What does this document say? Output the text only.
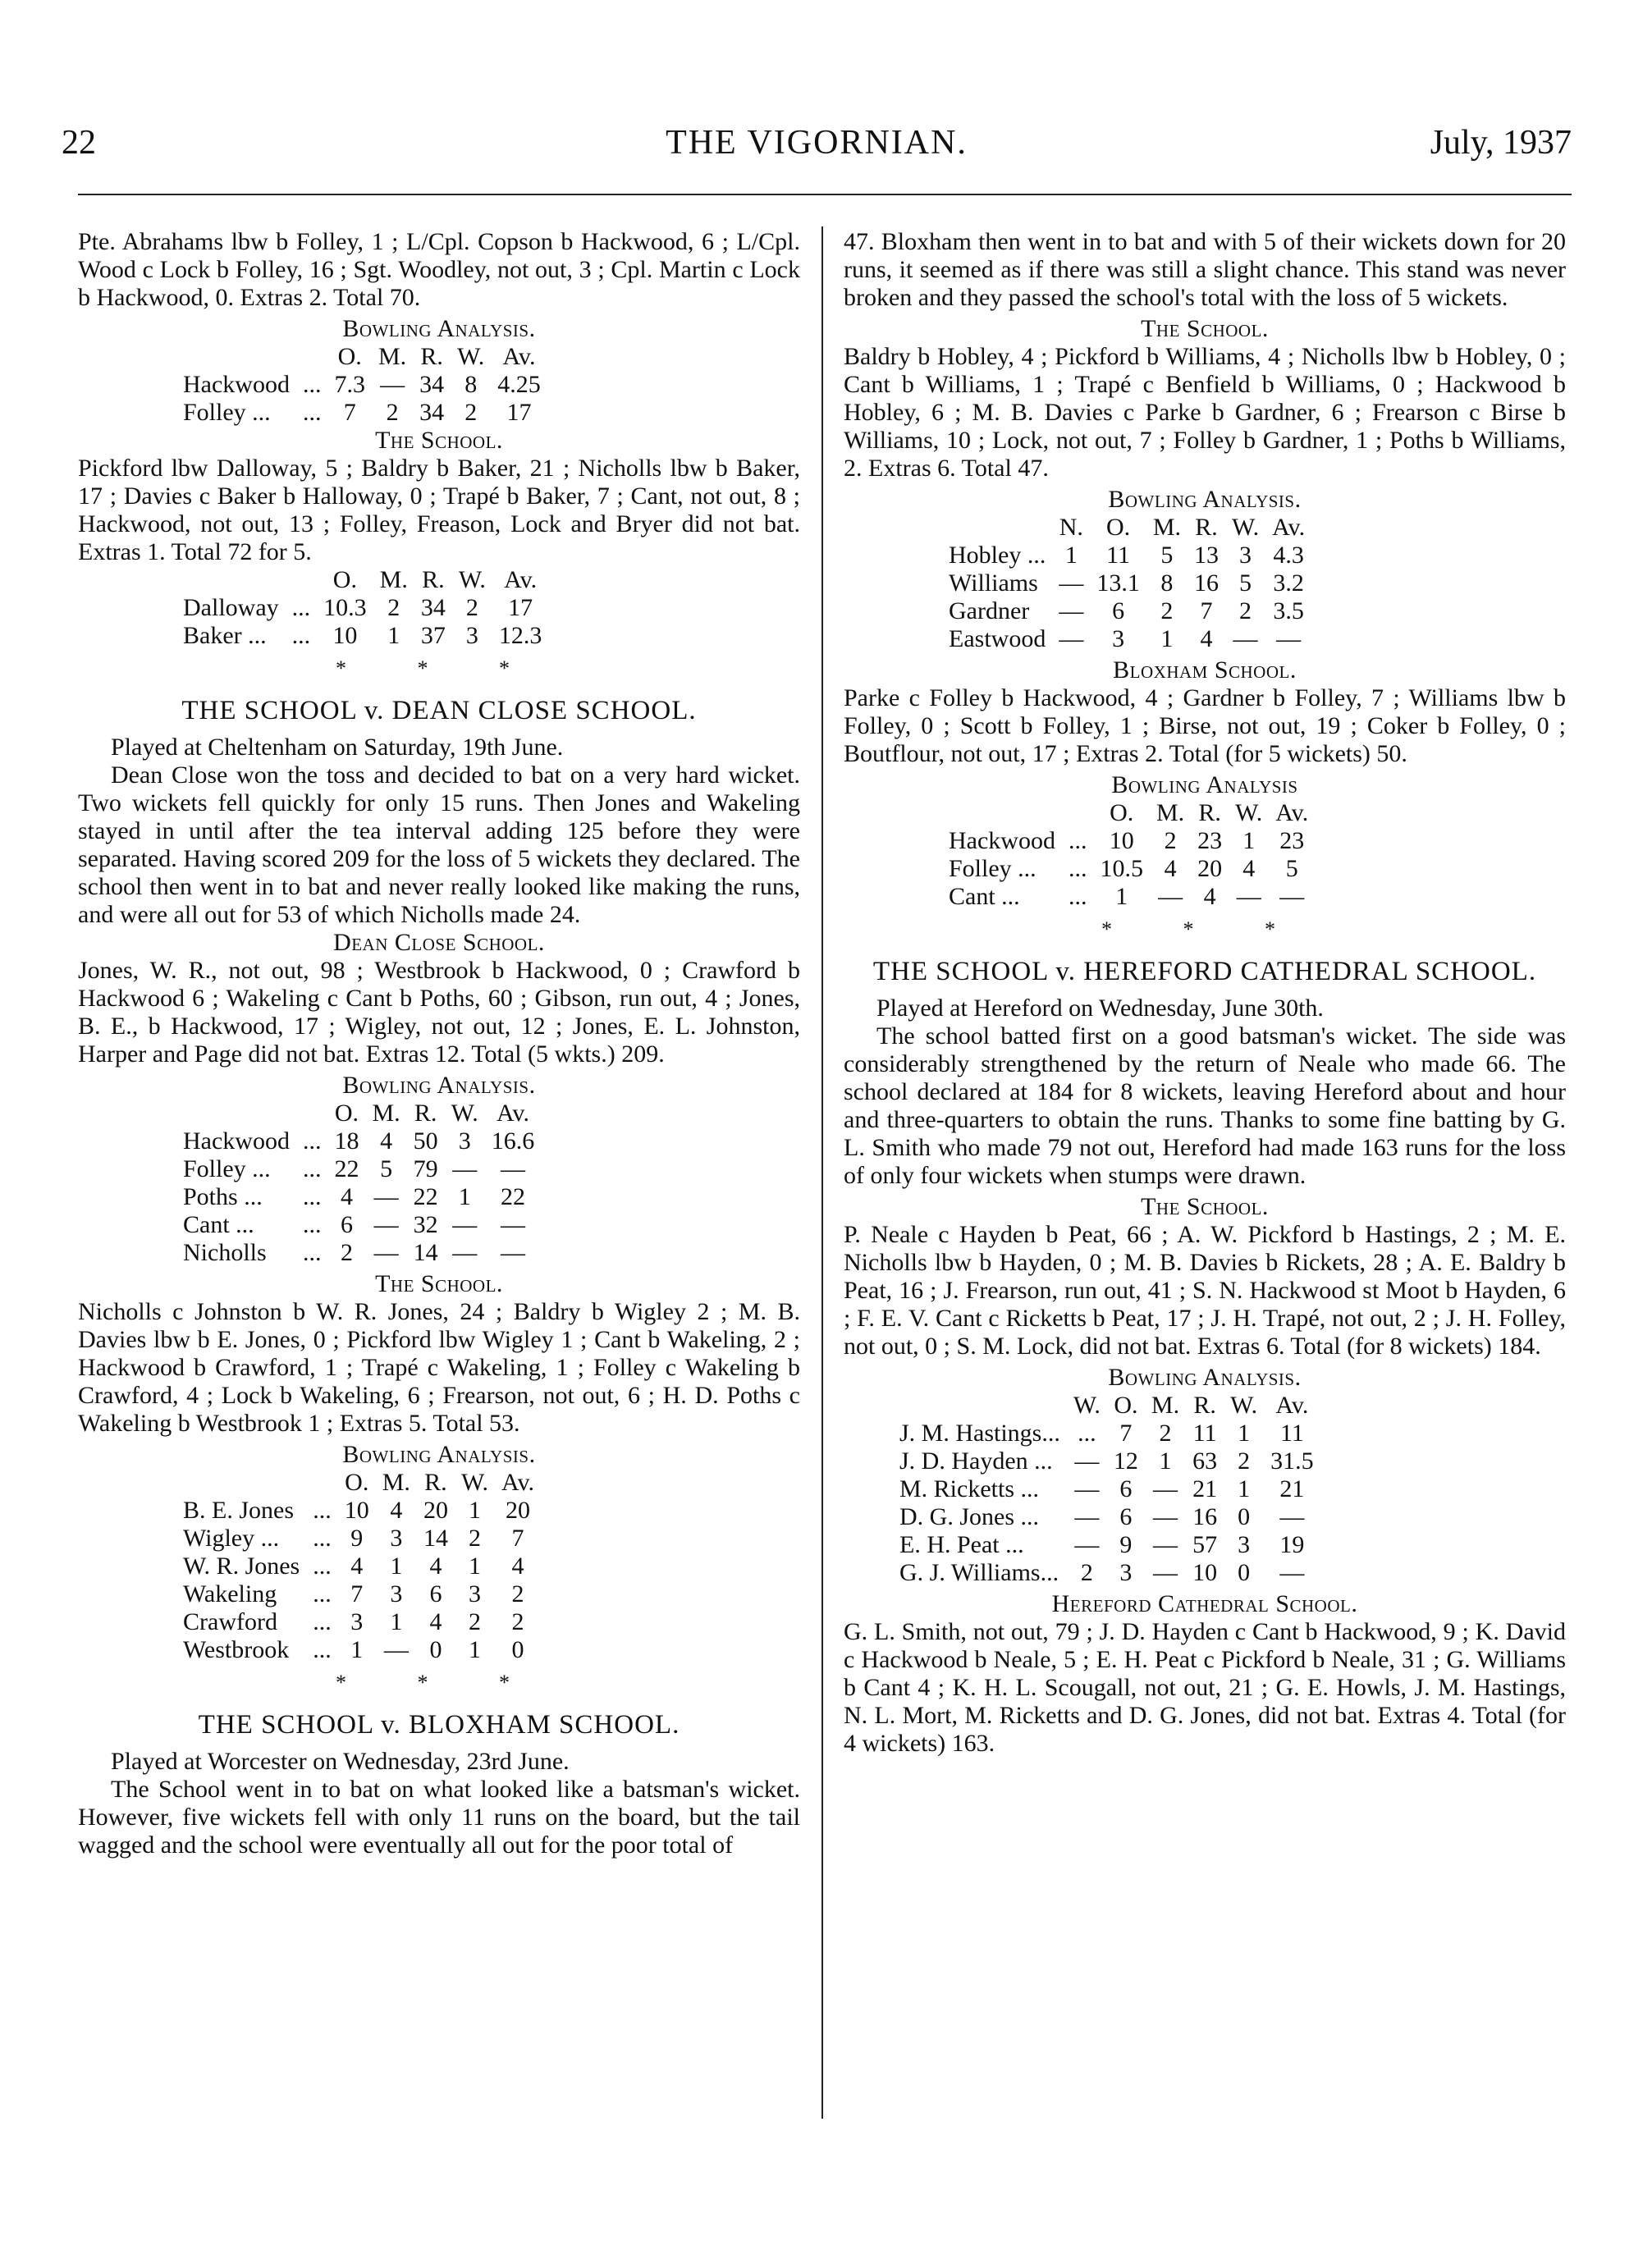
22	THE VIGORNIAN.	July, 1937

Pte. Abrahams lbw b Folley, 1 ; L/Cpl. Copson b Hackwood, 6 ; L/Cpl. Wood c Lock b Folley, 16 ; Sgt. Woodley, not out, 3 ; Cpl. Martin c Lock b Hackwood, 0. Extras 2. Total 70.

Bowling Analysis.
		O.	M.	R.	W.	Av.
Hackwood	...	7.3	—	34	8	4.25
Folley ...	...	7	2	34	2	17
The School.

Pickford lbw Dalloway, 5 ; Baldry b Baker, 21 ; Nicholls lbw b Baker, 17 ; Davies c Baker b Halloway, 0 ; Trapé b Baker, 7 ; Cant, not out, 8 ; Hackwood, not out, 13 ; Folley, Freason, Lock and Bryer did not bat. Extras 1. Total 72 for 5.

		O.	M.	R.	W.	Av.
Dalloway	...	10.3	2	34	2	17
Baker ...	...	10	1	37	3	12.3
* * *
THE SCHOOL v. DEAN CLOSE SCHOOL.

Played at Cheltenham on Saturday, 19th June.

Dean Close won the toss and decided to bat on a very hard wicket. Two wickets fell quickly for only 15 runs. Then Jones and Wakeling stayed in until after the tea interval adding 125 before they were separated. Having scored 209 for the loss of 5 wickets they declared. The school then went in to bat and never really looked like making the runs, and were all out for 53 of which Nicholls made 24.

Dean Close School.

Jones, W. R., not out, 98 ; Westbrook b Hackwood, 0 ; Crawford b Hackwood 6 ; Wakeling c Cant b Poths, 60 ; Gibson, run out, 4 ; Jones, B. E., b Hackwood, 17 ; Wigley, not out, 12 ; Jones, E. L. Johnston, Harper and Page did not bat. Extras 12. Total (5 wkts.) 209.

Bowling Analysis.
		O.	M.	R.	W.	Av.
Hackwood	...	18	4	50	3	16.6
Folley ...	...	22	5	79	—	—
Poths ...	...	4	—	22	1	22
Cant ...	...	6	—	32	—	—
Nicholls	...	2	—	14	—	—
The School.

Nicholls c Johnston b W. R. Jones, 24 ; Baldry b Wigley 2 ; M. B. Davies lbw b E. Jones, 0 ; Pickford lbw Wigley 1 ; Cant b Wakeling, 2 ; Hackwood b Crawford, 1 ; Trapé c Wakeling, 1 ; Folley c Wakeling b Crawford, 4 ; Lock b Wakeling, 6 ; Frearson, not out, 6 ; H. D. Poths c Wakeling b Westbrook 1 ; Extras 5. Total 53.

Bowling Analysis.
		O.	M.	R.	W.	Av.
B. E. Jones	...	10	4	20	1	20
Wigley ...	...	9	3	14	2	7
W. R. Jones	...	4	1	4	1	4
Wakeling	...	7	3	6	3	2
Crawford	...	3	1	4	2	2
Westbrook	...	1	—	0	1	0
* * *
THE SCHOOL v. BLOXHAM SCHOOL.

Played at Worcester on Wednesday, 23rd June.

The School went in to bat on what looked like a batsman's wicket. However, five wickets fell with only 11 runs on the board, but the tail wagged and the school were eventually all out for the poor total of

47. Bloxham then went in to bat and with 5 of their wickets down for 20 runs, it seemed as if there was still a slight chance. This stand was never broken and they passed the school's total with the loss of 5 wickets.

The School.

Baldry b Hobley, 4 ; Pickford b Williams, 4 ; Nicholls lbw b Hobley, 0 ; Cant b Williams, 1 ; Trapé c Benfield b Williams, 0 ; Hackwood b Hobley, 6 ; M. B. Davies c Parke b Gardner, 6 ; Frearson c Birse b Williams, 10 ; Lock, not out, 7 ; Folley b Gardner, 1 ; Poths b Williams, 2. Extras 6. Total 47.

Bowling Analysis.
	N.	O.	M.	R.	W.	Av.
Hobley ...	1	11	5	13	3	4.3
Williams	—	13.1	8	16	5	3.2
Gardner	—	6	2	7	2	3.5
Eastwood	—	3	1	4	—	—
Bloxham School.

Parke c Folley b Hackwood, 4 ; Gardner b Folley, 7 ; Williams lbw b Folley, 0 ; Scott b Folley, 1 ; Birse, not out, 19 ; Coker b Folley, 0 ; Boutflour, not out, 17 ; Extras 2. Total (for 5 wickets) 50.

Bowling Analysis
		O.	M.	R.	W.	Av.
Hackwood	...	10	2	23	1	23
Folley ...	...	10.5	4	20	4	5
Cant ...	...	1	—	4	—	—
* * *
THE SCHOOL v. HEREFORD CATHEDRAL SCHOOL.

Played at Hereford on Wednesday, June 30th.

The school batted first on a good batsman's wicket. The side was considerably strengthened by the return of Neale who made 66. The school declared at 184 for 8 wickets, leaving Hereford about and hour and three-quarters to obtain the runs. Thanks to some fine batting by G. L. Smith who made 79 not out, Hereford had made 163 runs for the loss of only four wickets when stumps were drawn.

The School.

P. Neale c Hayden b Peat, 66 ; A. W. Pickford b Hastings, 2 ; M. E. Nicholls lbw b Hayden, 0 ; M. B. Davies b Rickets, 28 ; A. E. Baldry b Peat, 16 ; J. Frearson, run out, 41 ; S. N. Hackwood st Moot b Hayden, 6 ; F. E. V. Cant c Ricketts b Peat, 17 ; J. H. Trapé, not out, 2 ; J. H. Folley, not out, 0 ; S. M. Lock, did not bat. Extras 6. Total (for 8 wickets) 184.

Bowling Analysis.
	W.	O.	M.	R.	W.	Av.
J. M. Hastings...	...	7	2	11	1	11
J. D. Hayden ...	—	12	1	63	2	31.5
M. Ricketts ...	—	6	—	21	1	21
D. G. Jones ...	—	6	—	16	0	—
E. H. Peat ...	—	9	—	57	3	19
G. J. Williams...	2	3	—	10	0	—
Hereford Cathedral School.

G. L. Smith, not out, 79 ; J. D. Hayden c Cant b Hackwood, 9 ; K. David c Hackwood b Neale, 5 ; E. H. Peat c Pickford b Neale, 31 ; G. Williams b Cant 4 ; K. H. L. Scougall, not out, 21 ; G. E. Howls, J. M. Hastings, N. L. Mort, M. Ricketts and D. G. Jones, did not bat. Extras 4. Total (for 4 wickets) 163.
